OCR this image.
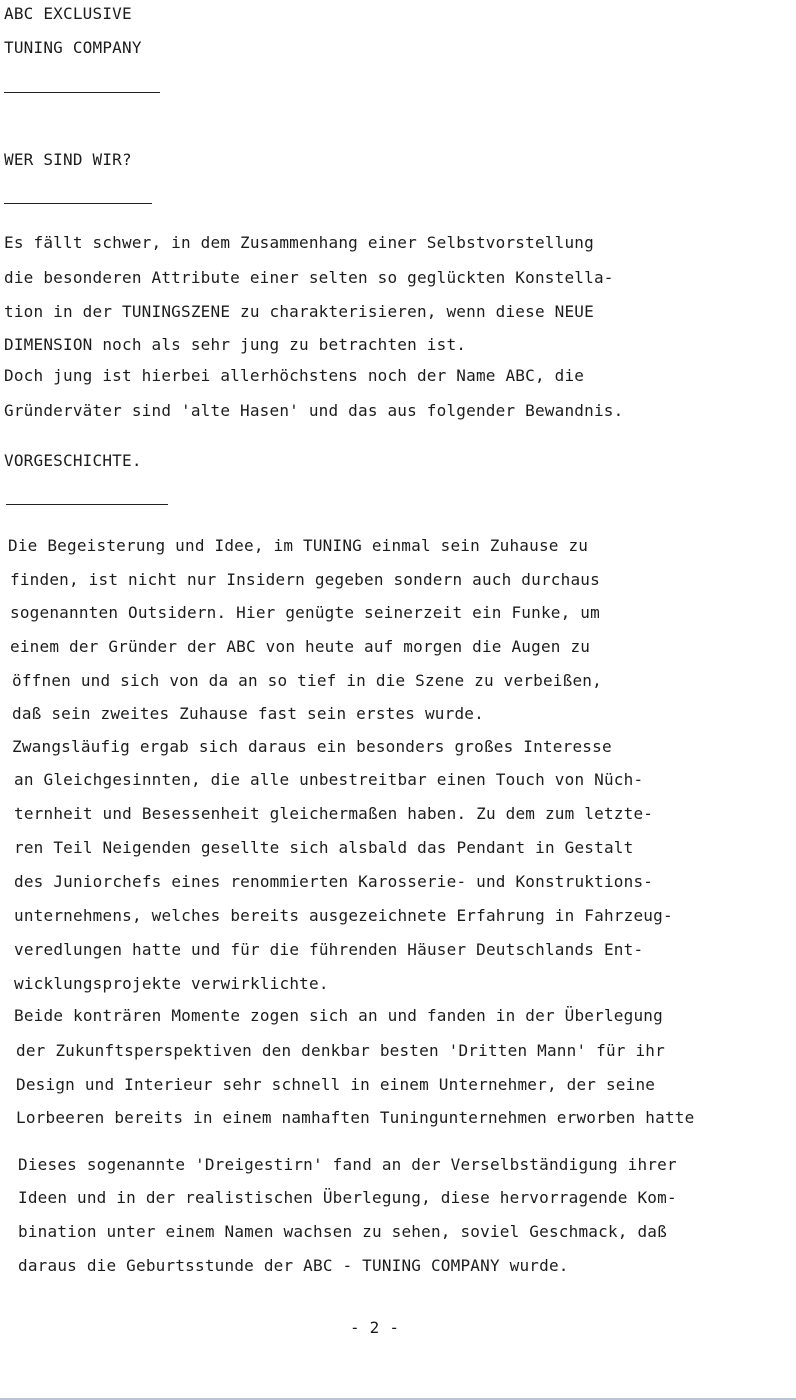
ABC EXCLUSIVE
TUNING COMPANY
WER SIND WIR?
Es fällt schwer, in dem Zusammenhang einer Selbstvorstellung
die besonderen Attribute einer selten so geglückten Konstella-
tion in der TUNINGSZENE zu charakterisieren, wenn diese NEUE
DIMENSION noch als sehr jung zu betrachten ist.
Doch jung ist hierbei allerhöchstens noch der Name ABC, die
Gründerväter sind 'alte Hasen' und das aus folgender Bewandnis.
VORGESCHICHTE.
Die Begeisterung und Idee, im TUNING einmal sein Zuhause zu
finden, ist nicht nur Insidern gegeben sondern auch durchaus
sogenannten Outsidern. Hier genügte seinerzeit ein Funke, um
einem der Gründer der ABC von heute auf morgen die Augen zu
öffnen und sich von da an so tief in die Szene zu verbeißen,
daß sein zweites Zuhause fast sein erstes wurde.
Zwangsläufig ergab sich daraus ein besonders großes Interesse
an Gleichgesinnten, die alle unbestreitbar einen Touch von Nüch-
ternheit und Besessenheit gleichermaßen haben. Zu dem zum letzte-
ren Teil Neigenden gesellte sich alsbald das Pendant in Gestalt
des Juniorchefs eines renommierten Karosserie- und Konstruktions-
unternehmens, welches bereits ausgezeichnete Erfahrung in Fahrzeug-
veredlungen hatte und für die führenden Häuser Deutschlands Ent-
wicklungsprojekte verwirklichte.
Beide konträren Momente zogen sich an und fanden in der Überlegung
der Zukunftsperspektiven den denkbar besten 'Dritten Mann' für ihr
Design und Interieur sehr schnell in einem Unternehmer, der seine
Lorbeeren bereits in einem namhaften Tuningunternehmen erworben hatte
Dieses sogenannte 'Dreigestirn' fand an der Verselbständigung ihrer
Ideen und in der realistischen Überlegung, diese hervorragende Kom-
bination unter einem Namen wachsen zu sehen, soviel Geschmack, daß
daraus die Geburtsstunde der ABC - TUNING COMPANY wurde.
- 2 -
